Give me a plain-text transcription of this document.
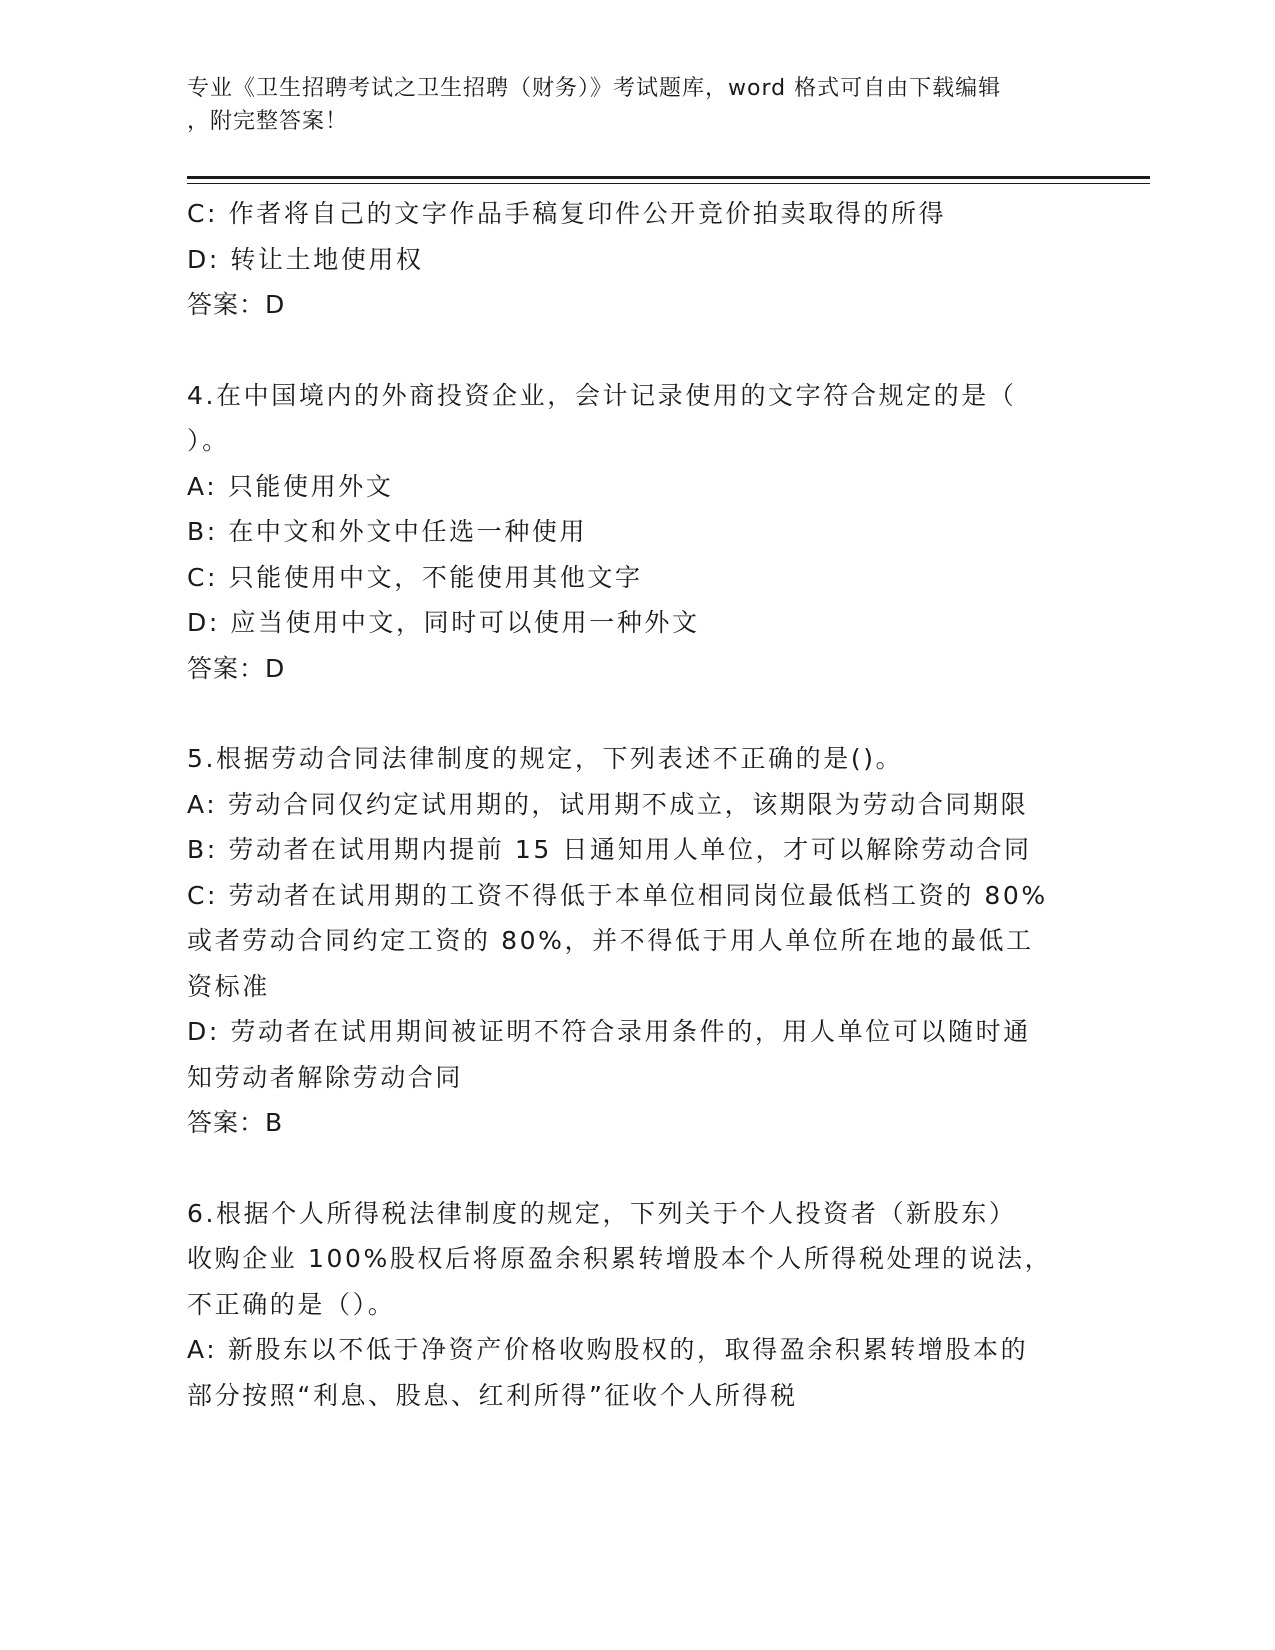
专业《卫生招聘考试之卫生招聘（财务）》考试题库，word 格式可自由下载编辑
，附完整答案！
C: 作者将自己的文字作品手稿复印件公开竞价拍卖取得的所得
D: 转让土地使用权
答案：D
4.在中国境内的外商投资企业，会计记录使用的文字符合规定的是（
）。
A: 只能使用外文
B: 在中文和外文中任选一种使用
C: 只能使用中文，不能使用其他文字
D: 应当使用中文，同时可以使用一种外文
答案：D
5.根据劳动合同法律制度的规定，下列表述不正确的是()。
A: 劳动合同仅约定试用期的，试用期不成立，该期限为劳动合同期限
B: 劳动者在试用期内提前 15 日通知用人单位，才可以解除劳动合同
C: 劳动者在试用期的工资不得低于本单位相同岗位最低档工资的 80%
或者劳动合同约定工资的 80%，并不得低于用人单位所在地的最低工
资标准
D: 劳动者在试用期间被证明不符合录用条件的，用人单位可以随时通
知劳动者解除劳动合同
答案：B
6.根据个人所得税法律制度的规定，下列关于个人投资者（新股东）
收购企业 100%股权后将原盈余积累转增股本个人所得税处理的说法，
不正确的是（）。
A: 新股东以不低于净资产价格收购股权的，取得盈余积累转增股本的
部分按照“利息、股息、红利所得”征收个人所得税
